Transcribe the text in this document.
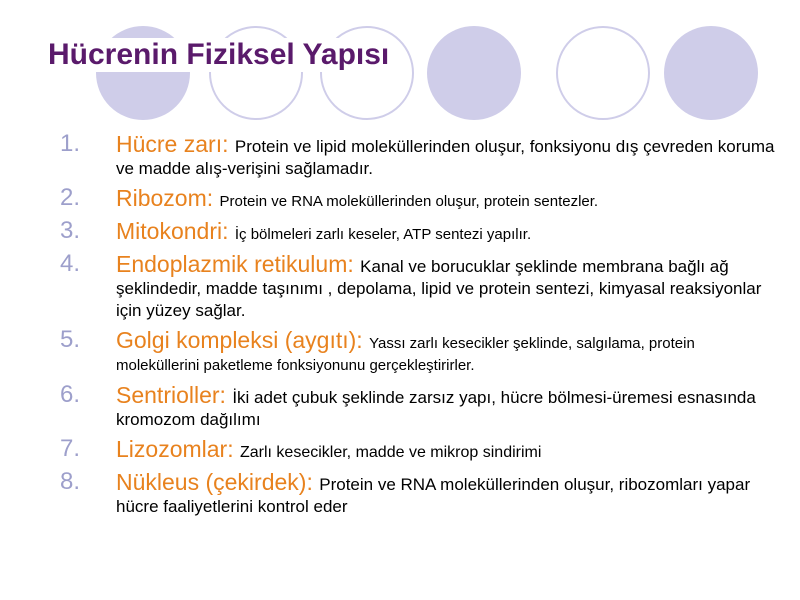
Hücrenin Fiziksel Yapısı
1. Hücre zarı: Protein ve lipid moleküllerinden oluşur, fonksiyonu dış çevreden koruma ve madde alış-verişini sağlamadır.
2. Ribozom: Protein ve RNA moleküllerinden oluşur, protein sentezler.
3. Mitokondri: İç bölmeleri zarlı keseler, ATP sentezi yapılır.
4. Endoplazmik retikulum: Kanal ve borucuklar şeklinde membrana bağlı ağ şeklindedir, madde taşınımı , depolama, lipid ve protein sentezi, kimyasal reaksiyonlar için yüzey sağlar.
5. Golgi kompleksi (aygıtı): Yassı zarlı kesecikler şeklinde, salgılama, protein moleküllerini paketleme fonksiyonunu gerçekleştirirler.
6. Sentrioller: İki adet çubuk şeklinde zarsız yapı, hücre bölmesi-üremesi esnasında kromozom dağılımı
7. Lizozomlar: Zarlı kesecikler, madde ve mikrop sindirimi
8. Nükleus (çekirdek): Protein ve RNA moleküllerinden oluşur, ribozomları yapar hücre faaliyetlerini kontrol eder
